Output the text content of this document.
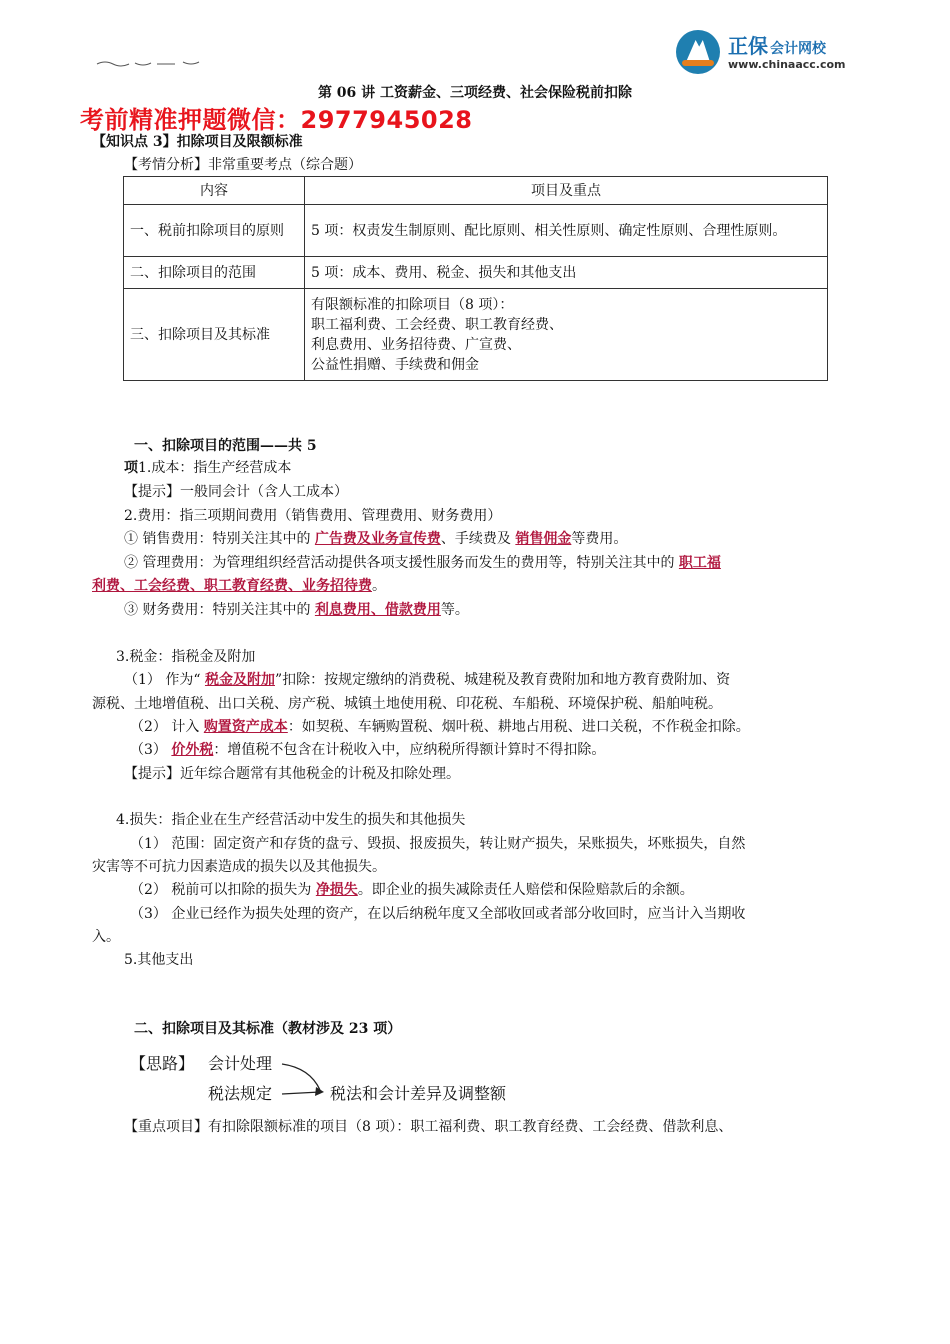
正保 会计网校
www.chinaacc.com
第 06 讲 工资薪金、三项经费、社会保险税前扣除
考前精准押题微信：2977945028
【知识点 3】扣除项目及限额标准
【考情分析】非常重要考点（综合题）
内容	项目及重点
一、税前扣除项目的原则	5 项：权责发生制原则、配比原则、相关性原则、确定性原则、合理性原则。
二、扣除项目的范围	5 项：成本、费用、税金、损失和其他支出
三、扣除项目及其标准	有限额标准的扣除项目（8 项）：
职工福利费、工会经费、职工教育经费、
利息费用、业务招待费、广宣费、
公益性捐赠、手续费和佣金
一、扣除项目的范围——共 5
项1.成本：指生产经营成本
【提示】一般同会计（含人工成本）
2.费用：指三项期间费用（销售费用、管理费用、财务费用）
① 销售费用：特别关注其中的 广告费及业务宣传费、手续费及 销售佣金等费用。
② 管理费用：为管理组织经营活动提供各项支援性服务而发生的费用等，特别关注其中的 职工福
利费、工会经费、职工教育经费、业务招待费。
③ 财务费用：特别关注其中的 利息费用、借款费用等。
3.税金：指税金及附加
（1） 作为“ 税金及附加”扣除：按规定缴纳的消费税、城建税及教育费附加和地方教育费附加、资
源税、土地增值税、出口关税、房产税、城镇土地使用税、印花税、车船税、环境保护税、船舶吨税。
（2） 计入 购置资产成本：如契税、车辆购置税、烟叶税、耕地占用税、进口关税，不作税金扣除。
（3） 价外税：增值税不包含在计税收入中，应纳税所得额计算时不得扣除。
【提示】近年综合题常有其他税金的计税及扣除处理。
4.损失：指企业在生产经营活动中发生的损失和其他损失
（1） 范围：固定资产和存货的盘亏、毁损、报废损失，转让财产损失，呆账损失，坏账损失，自然
灾害等不可抗力因素造成的损失以及其他损失。
（2） 税前可以扣除的损失为 净损失。即企业的损失减除责任人赔偿和保险赔款后的余额。
（3） 企业已经作为损失处理的资产，在以后纳税年度又全部收回或者部分收回时，应当计入当期收
入。
5.其他支出
二、扣除项目及其标准（教材涉及 23 项）
【思路】 会计处理
税法规定	税法和会计差异及调整额
【重点项目】有扣除限额标准的项目（8 项）：职工福利费、职工教育经费、工会经费、借款利息、
